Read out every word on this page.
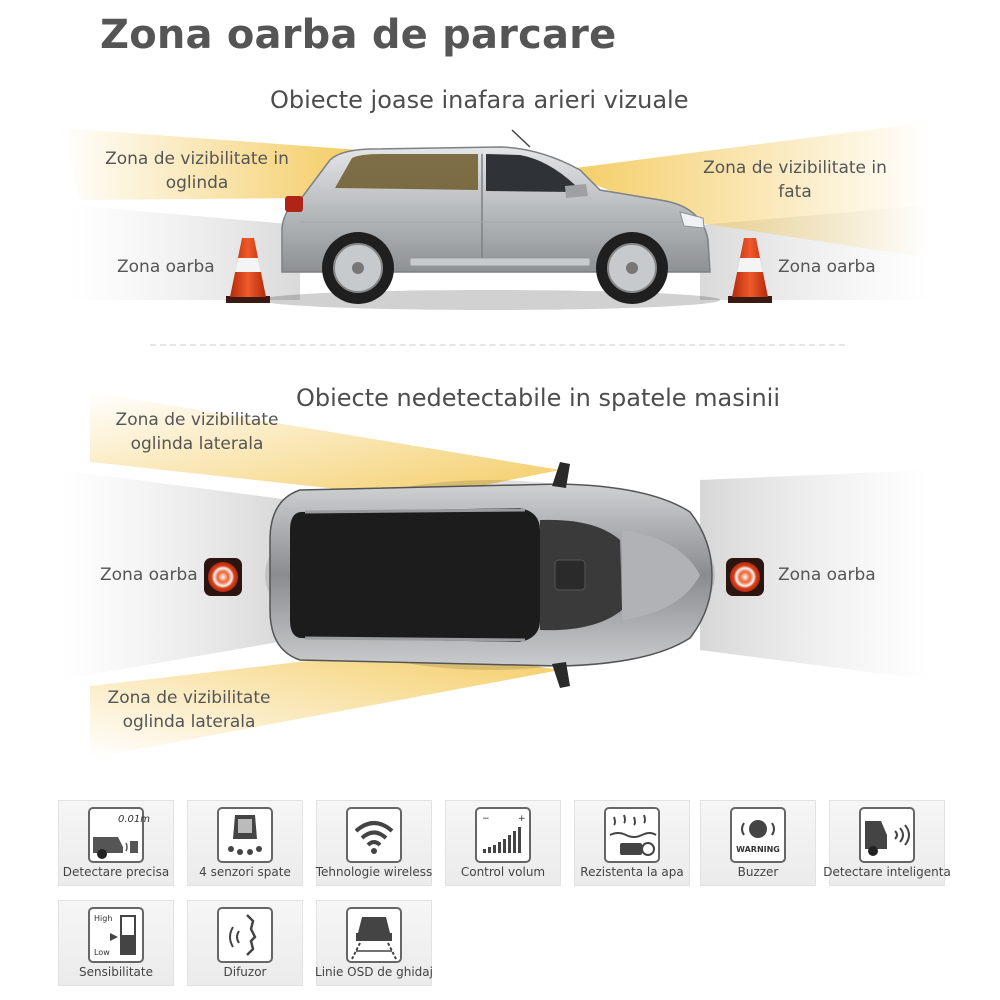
Zona oarba de parcare
Obiecte joase inafara arieri vizuale
Zona de vizibilitate in
oglinda
Zona de vizibilitate in
fata
Zona oarba	Zona oarba
Obiecte nedetectabile in spatele masinii
Zona de vizibilitate
oglinda laterala
Zona de vizibilitate
oglinda laterala
Zona oarba	Zona oarba
0.01m
Detectare precisa	4 senzori spate	Tehnologie wireless
−	+
Control volum	Rezistenta la apa
WARNING
Buzzer	Detectare inteligenta
High
Low
Sensibilitate	Difuzor	Linie OSD de ghidaj
